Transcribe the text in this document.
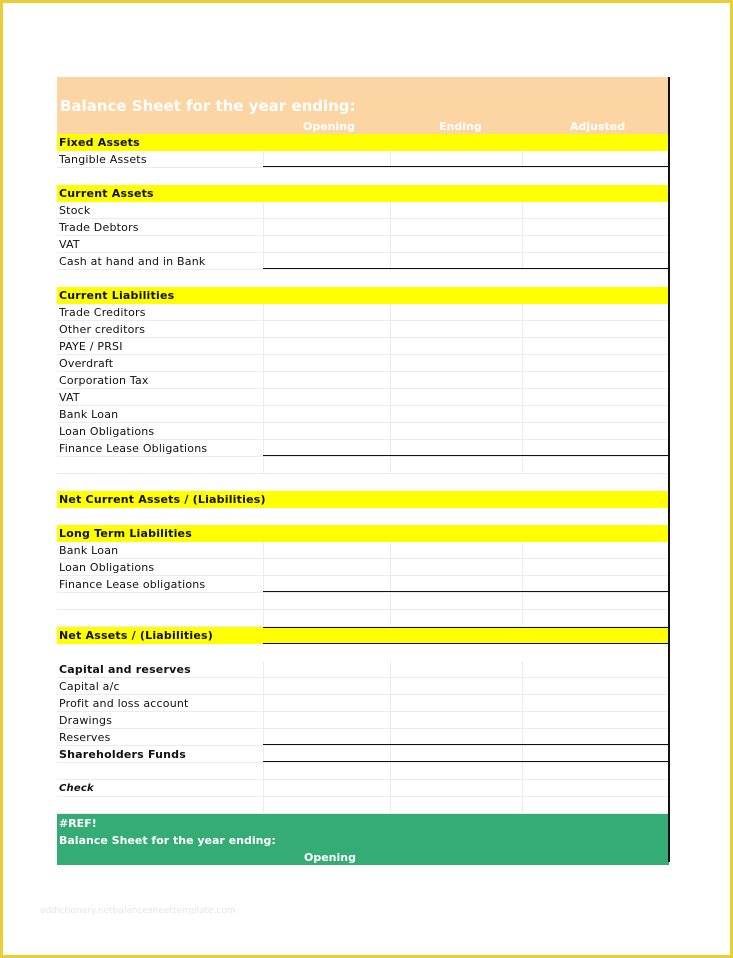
Balance Sheet for the year ending:
Opening	Ending	Adjusted
Fixed Assets
Tangible Assets
Current Assets
Stock
Trade Debtors
VAT
Cash at hand and in Bank
Current Liabilities
Trade Creditors
Other creditors
PAYE / PRSI
Overdraft
Corporation Tax
VAT
Bank Loan
Loan Obligations
Finance Lease Obligations
Net Current Assets / (Liabilities)
Long Term Liabilities
Bank Loan
Loan Obligations
Finance Lease obligations
Net Assets / (Liabilities)
Capital and reserves
Capital a/c
Profit and loss account
Drawings
Reserves
Shareholders Funds
Check
#REF!
Balance Sheet for the year ending:
Opening
addictionary.netbalancesheettemplate.com
